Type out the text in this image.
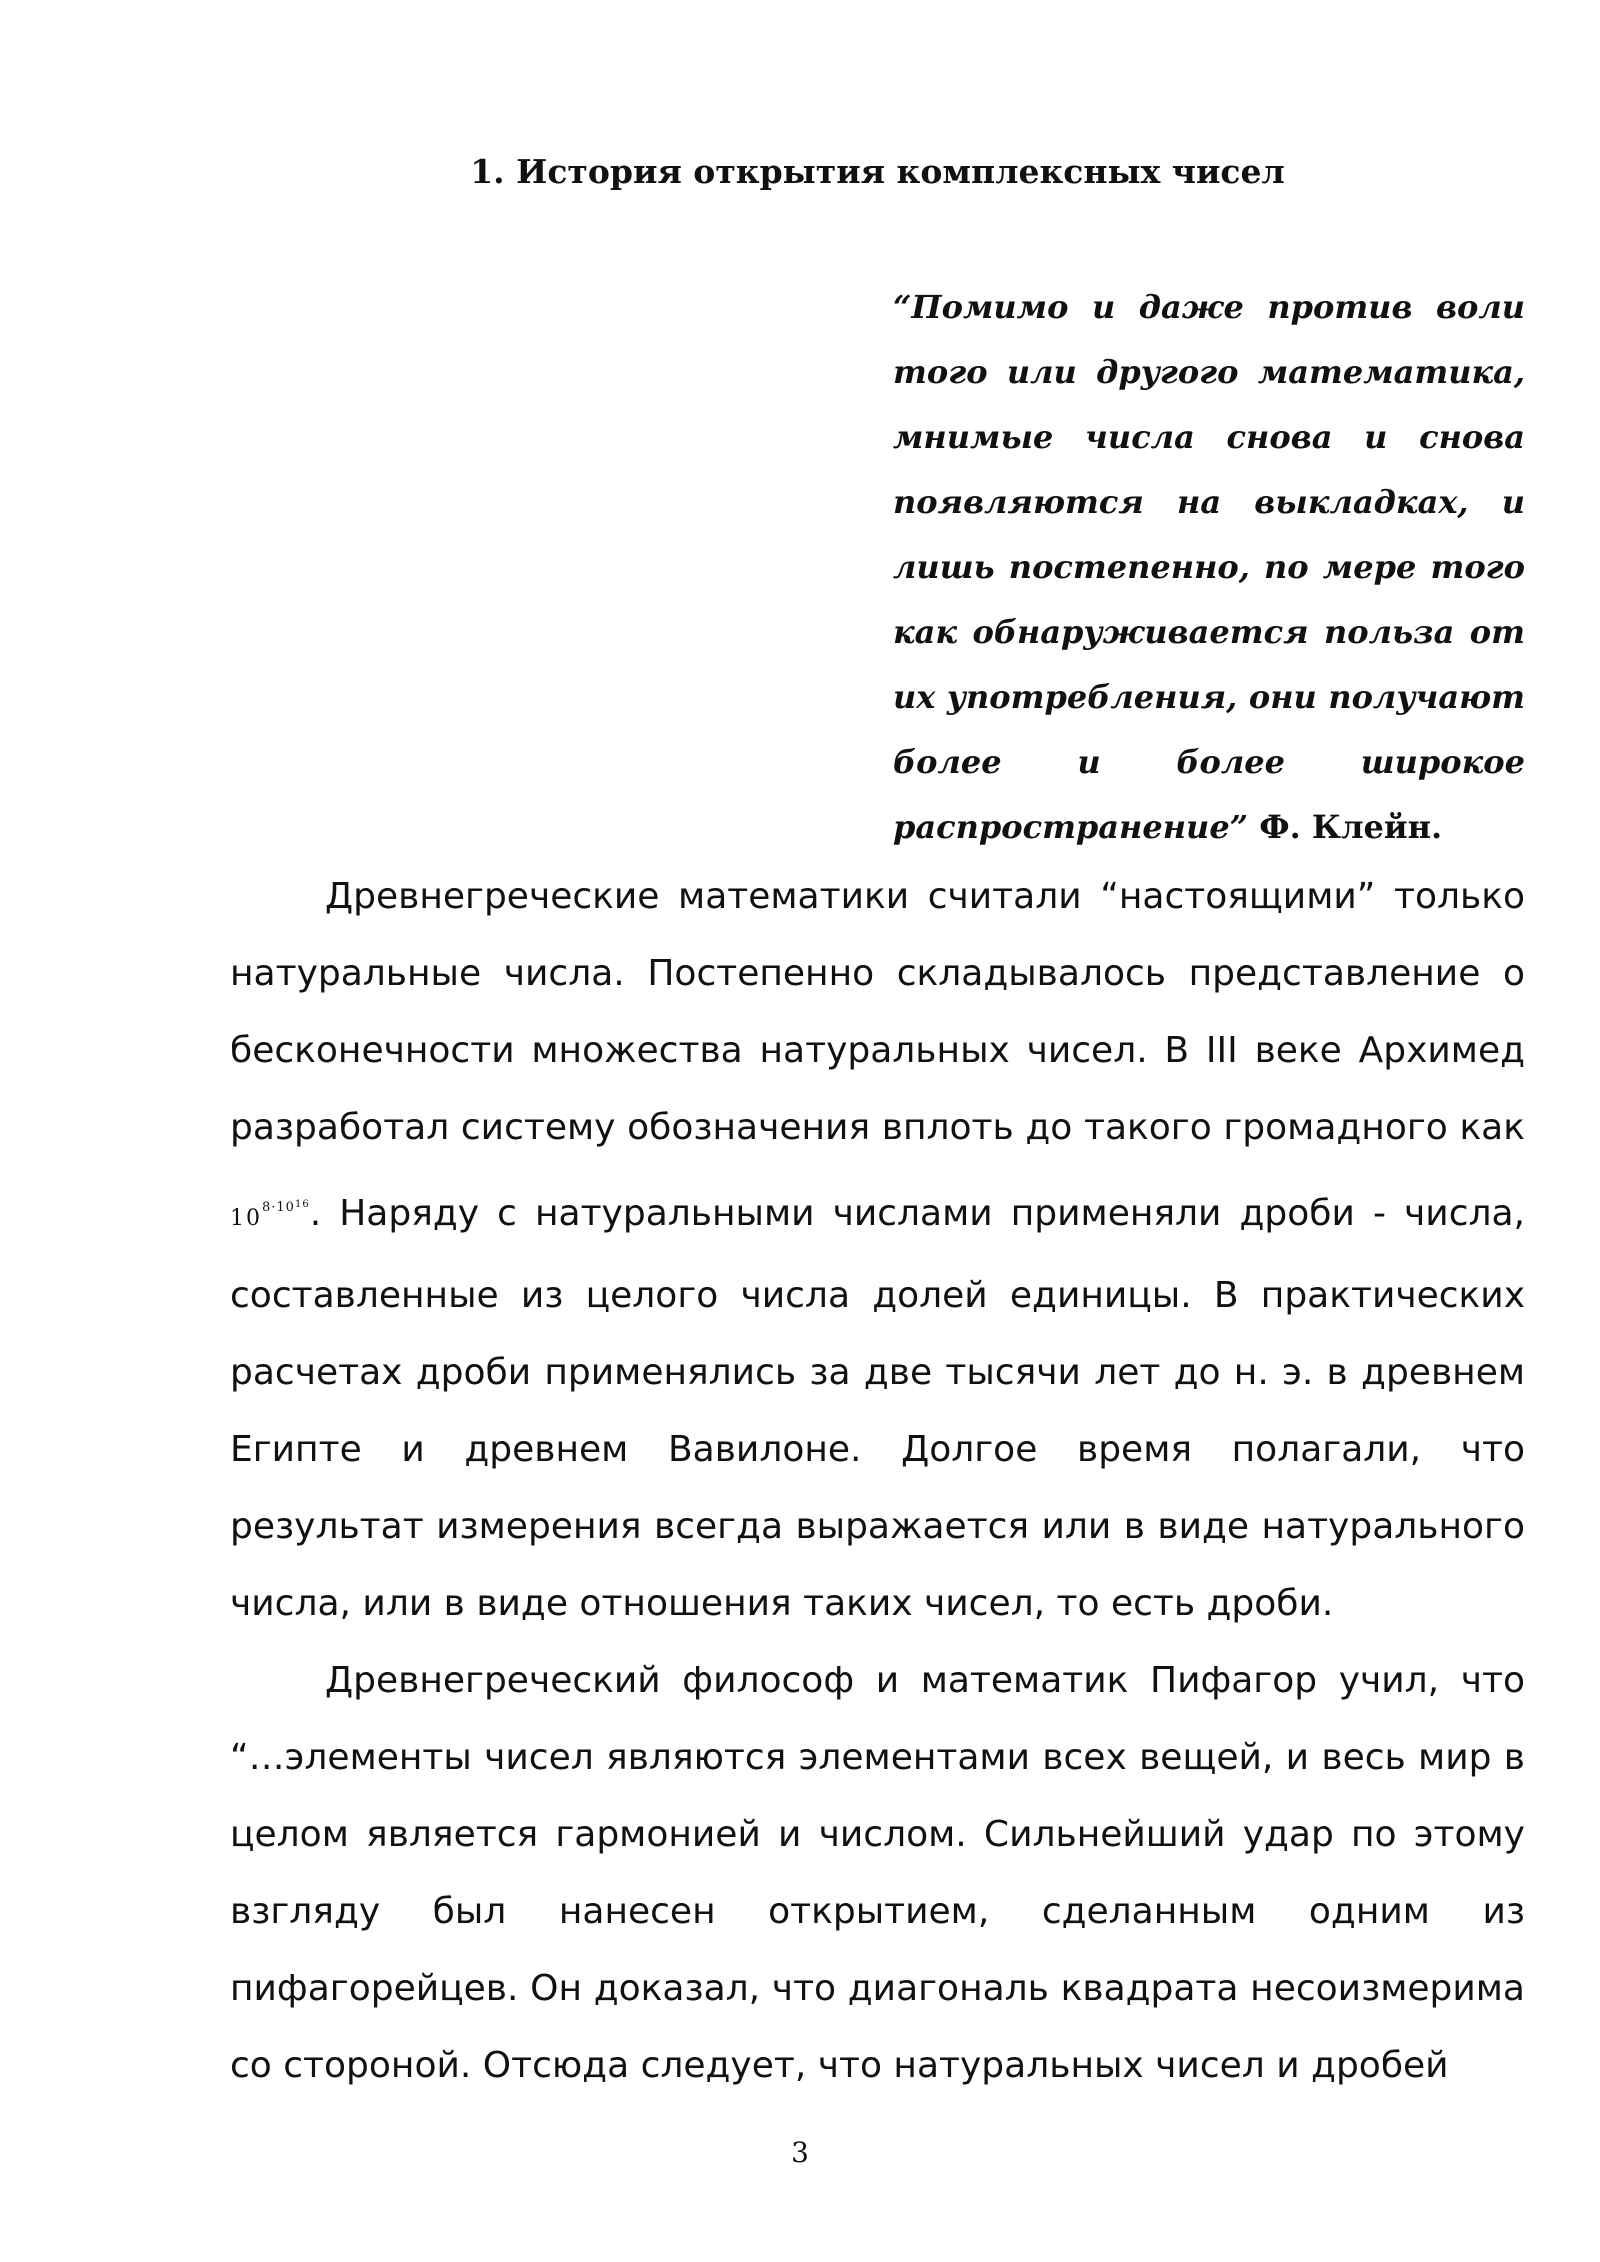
1. История открытия комплексных чисел
“Помимо и даже против воли того или другого математика, мнимые числа снова и снова появляются на выкладках, и лишь постепенно, по мере того как обнаруживается польза от их употребления, они получают более и более широкое распространение” Ф. Клейн.

Древнегреческие математики считали “настоящими” только натуральные числа. Постепенно складывалось представление о бесконечности множества натуральных чисел. В III веке Архимед разработал систему обозначения вплоть до такого громадного как $10^{8\cdot 10^{16}}$. Наряду с натуральными числами применяли дроби - числа, составленные из целого числа долей единицы. В практических расчетах дроби применялись за две тысячи лет до н. э. в древнем Египте и древнем Вавилоне. Долгое время полагали, что результат измерения всегда выражается или в виде натурального числа, или в виде отношения таких чисел, то есть дроби.

Древнегреческий философ и математик Пифагор учил, что “…элементы чисел являются элементами всех вещей, и весь мир в целом является гармонией и числом. Сильнейший удар по этому взгляду был нанесен открытием, сделанным одним из пифагорейцев. Он доказал, что диагональ квадрата несоизмерима со стороной. Отсюда следует, что натуральных чисел и дробей

3
